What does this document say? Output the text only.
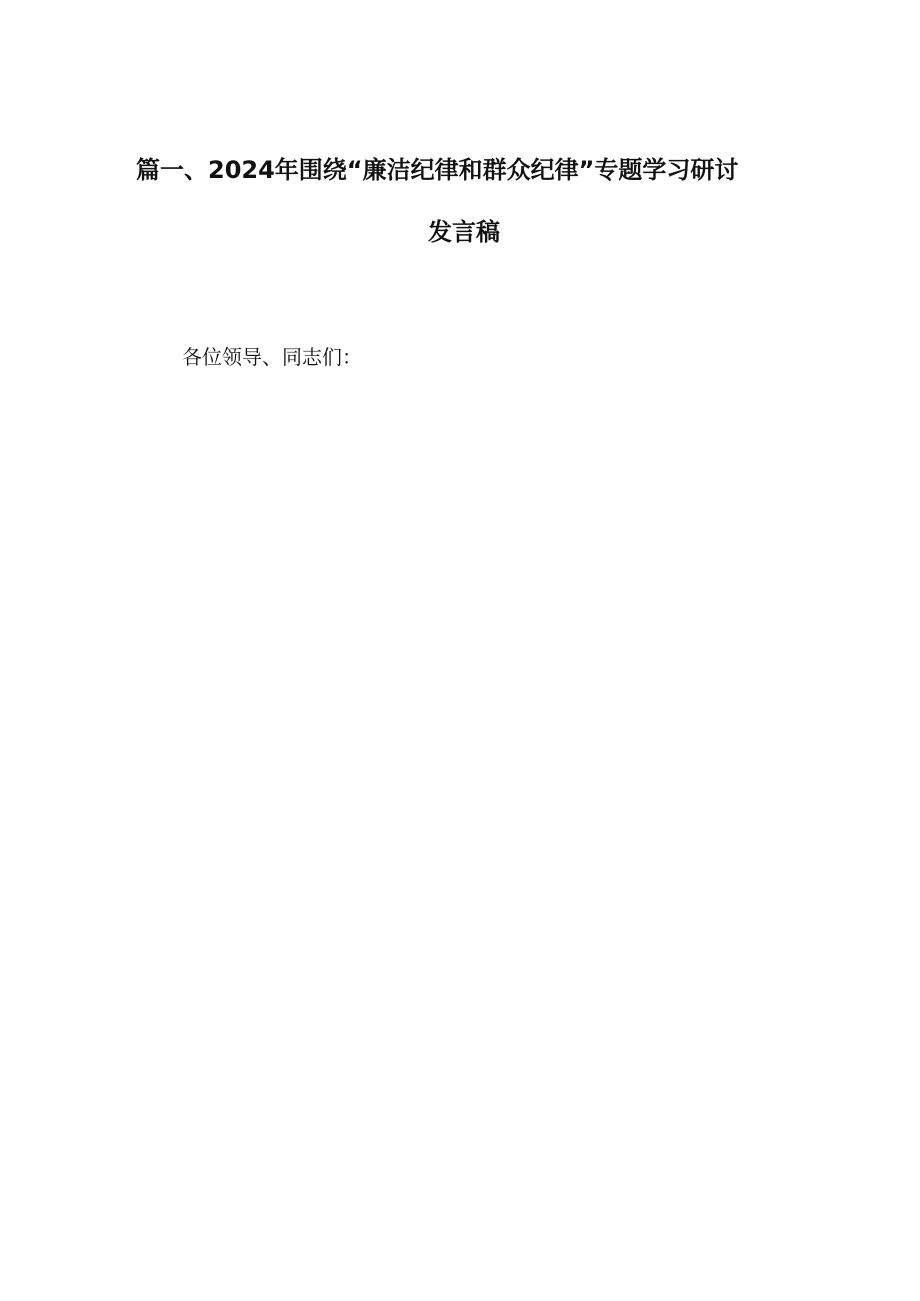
篇一、2024年围绕“廉洁纪律和群众纪律”专题学习研讨
发言稿
各位领导、同志们：
